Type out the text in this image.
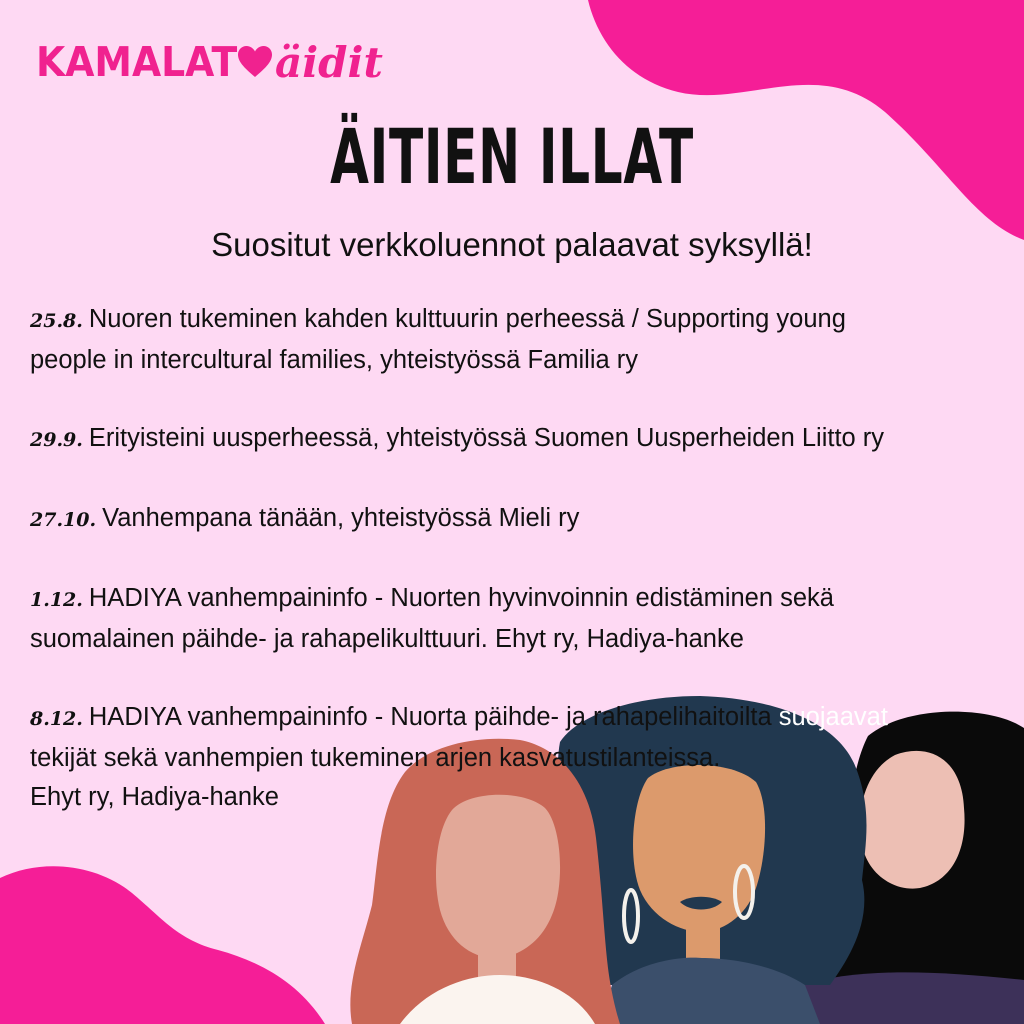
KAMALAT äidit
ÄITIEN ILLAT
Suositut verkkoluennot palaavat syksyllä!
25.8. Nuoren tukeminen kahden kulttuurin perheessä / Supporting young
people in intercultural families, yhteistyössä Familia ry
29.9. Erityisteini uusperheessä, yhteistyössä Suomen Uusperheiden Liitto ry
27.10. Vanhempana tänään, yhteistyössä Mieli ry
1.12. HADIYA vanhempaininfo - Nuorten hyvinvoinnin edistäminen sekä
suomalainen päihde- ja rahapelikulttuuri. Ehyt ry, Hadiya-hanke
8.12. HADIYA vanhempaininfo - Nuorta päihde- ja rahapelihaitoilta suojaavat
tekijät sekä vanhempien tukeminen arjen kasvatustilanteissa.
Ehyt ry, Hadiya-hanke
